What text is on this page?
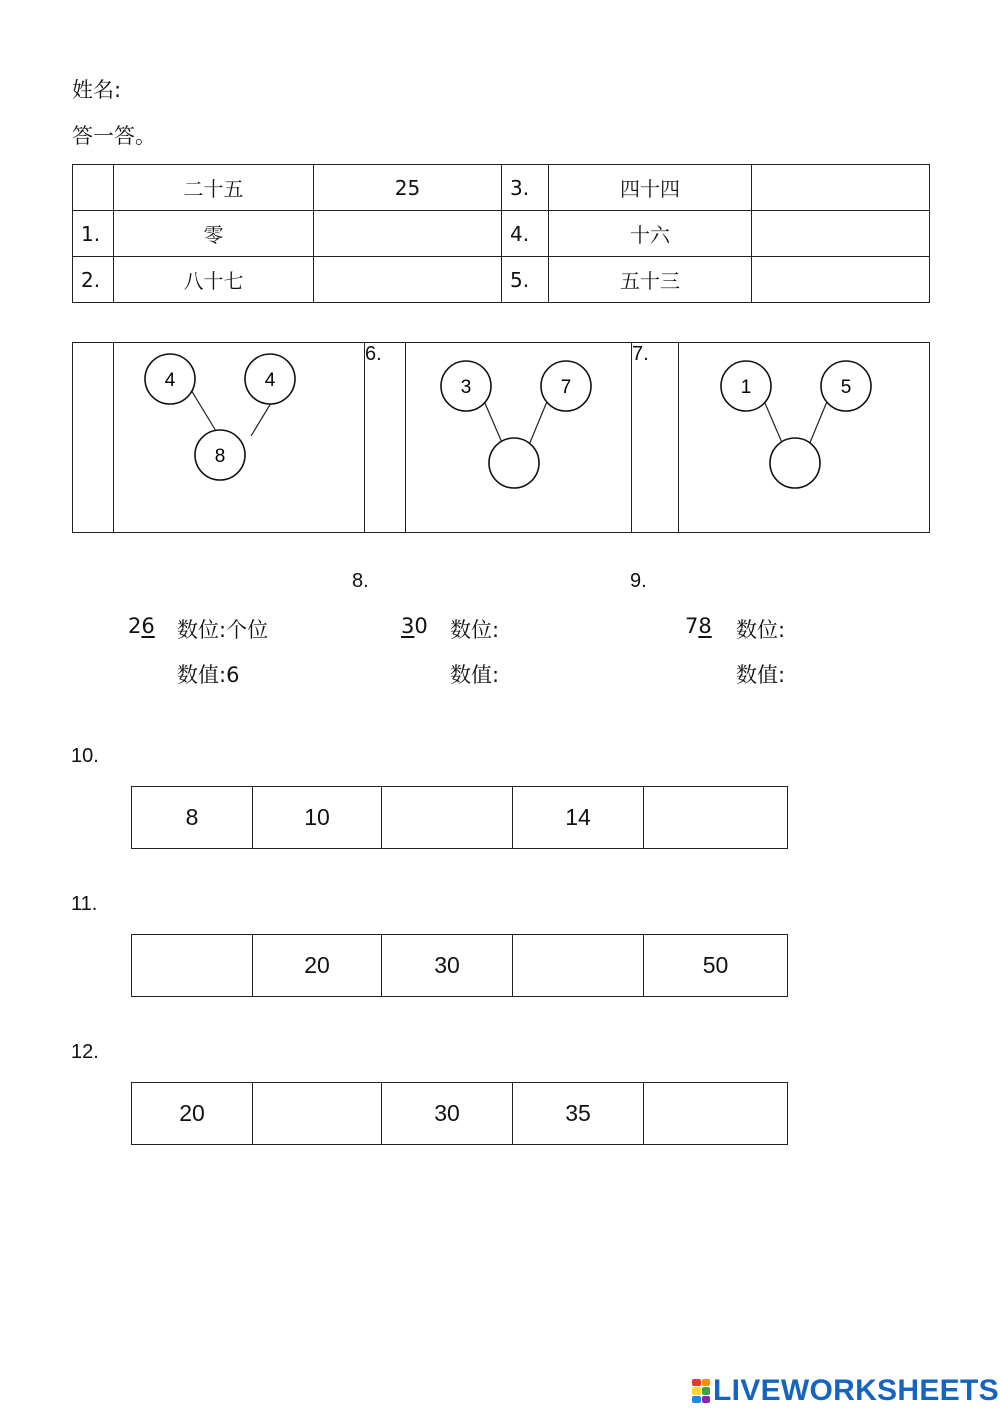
姓名:
答一答。
	二十五	25	3.	四十四	
1.	零		4.	十六	
2.	八十七		5.	五十三	

4	4
8
	6.	
3	7
	7.	
1	5
8.	9.
26 数位:个位
数值:6
30 数位:
数值:
78 数位:
数值:
10.
8	10		14	
11.
	20	30		50
12.
20		30	35	
LIVEWORKSHEETS
